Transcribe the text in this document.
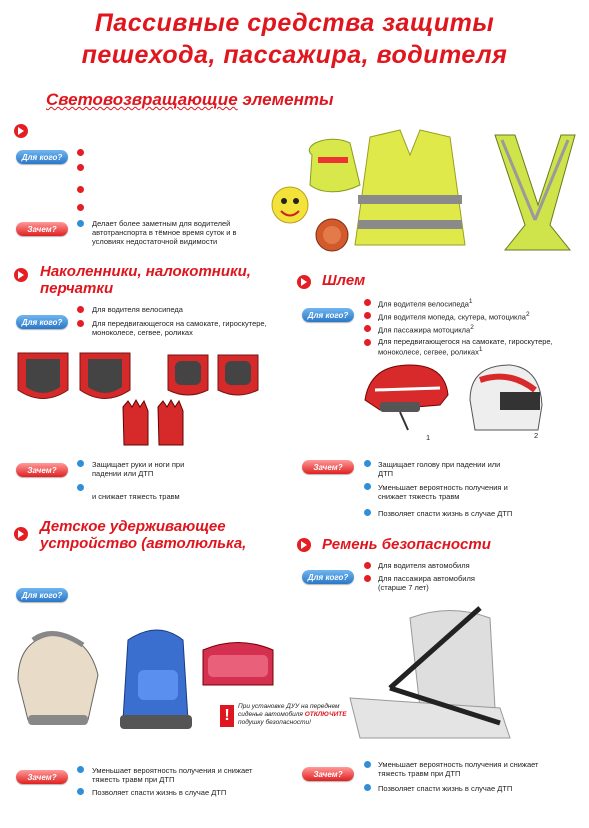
Пассивные средства защиты
пешехода, пассажира, водителя
Световозвращающие элементы
Для кого?
Зачем?
Делает более заметным для водителей автотранспорта в тёмное время суток и в условиях недостаточной видимости
Наколенники, налокотники, перчатки
Для кого?
Для водителя велосипеда
Для передвигающегося на самокате, гироскутере, моноколесе, сегвее, роликах
Зачем?
Защищает руки и ноги при падении или ДТП
и снижает тяжесть травм
Шлем
Для кого?
Для водителя велосипеда$^1$
Для водителя мопеда, скутера, мотоцикла$^2$
Для пассажира мотоцикла$^2$
Для передвигающегося на самокате, гироскутере, моноколесе, сегвее, роликах$^1$
1	2
Зачем?	Защищает голову при падении или ДТП
Уменьшает вероятность получения и снижает тяжесть травм
Позволяет спасти жизнь в случае ДТП
Детское удерживающее устройство (автолюлька,
Для кого?
!
При установке ДУУ на переднем сиденье автомобиля ОТКЛЮЧИТЕ подушку безопасности!
Зачем?
Уменьшает вероятность получения и снижает тяжесть травм при ДТП
Позволяет спасти жизнь в случае ДТП
Ремень безопасности
Для кого?
Для водителя автомобиля
Для пассажира автомобиля (старше 7 лет)
Зачем?
Уменьшает вероятность получения и снижает тяжесть травм при ДТП
Позволяет спасти жизнь в случае ДТП
